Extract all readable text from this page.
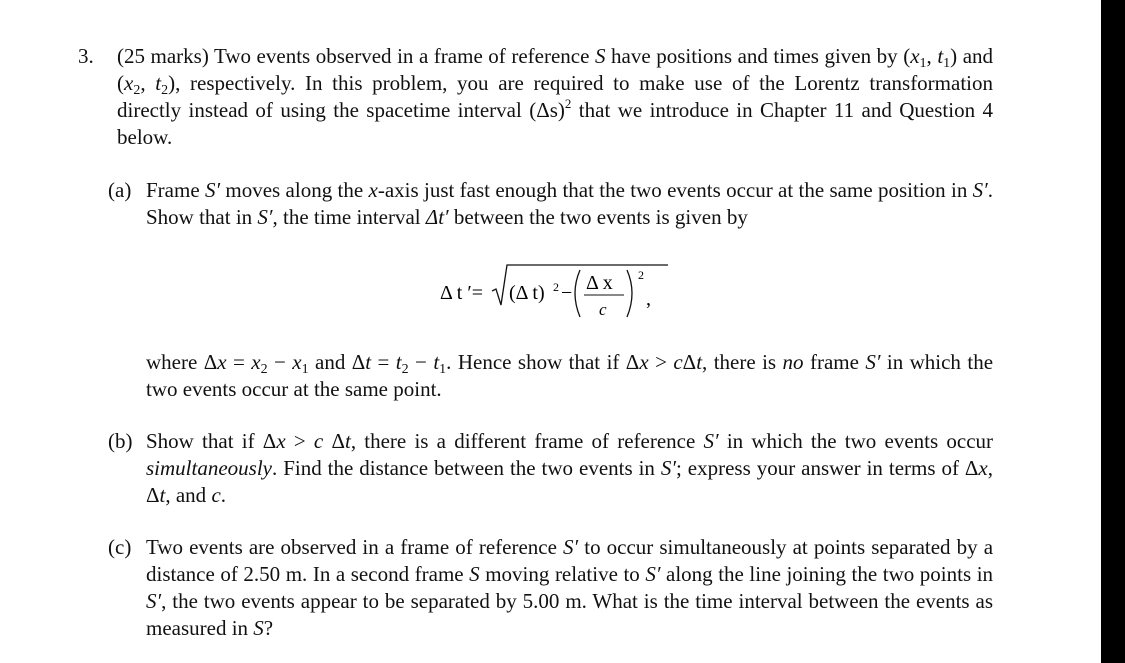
3. (25 marks) Two events observed in a frame of reference S have positions and times given by ($x_1$, $t_1$) and ($x_2$, $t_2$), respectively. In this problem, you are required to make use of the Lorentz transformation directly instead of using the spacetime interval $(\Delta s)^2$ that we introduce in Chapter 11 and Question 4 below.
(a) Frame S′ moves along the x-axis just fast enough that the two events occur at the same position in S′. Show that in S′, the time interval Δt′ between the two events is given by
Δ t ′= (Δ t) 2 − Δ x
c
2
,
where $\Delta x = x_2 - x_1$ and $\Delta t = t_2 - t_1$. Hence show that if Δx > cΔt, there is no frame S′ in which the two events occur at the same point.
(b) Show that if Δx > c Δt, there is a different frame of reference S′ in which the two events occur simultaneously. Find the distance between the two events in S′; express your answer in terms of Δx, Δt, and c.
(c) Two events are observed in a frame of reference S′ to occur simultaneously at points separated by a distance of 2.50 m. In a second frame S moving relative to S′ along the line joining the two points in S′, the two events appear to be separated by 5.00 m. What is the time interval between the events as measured in S?
